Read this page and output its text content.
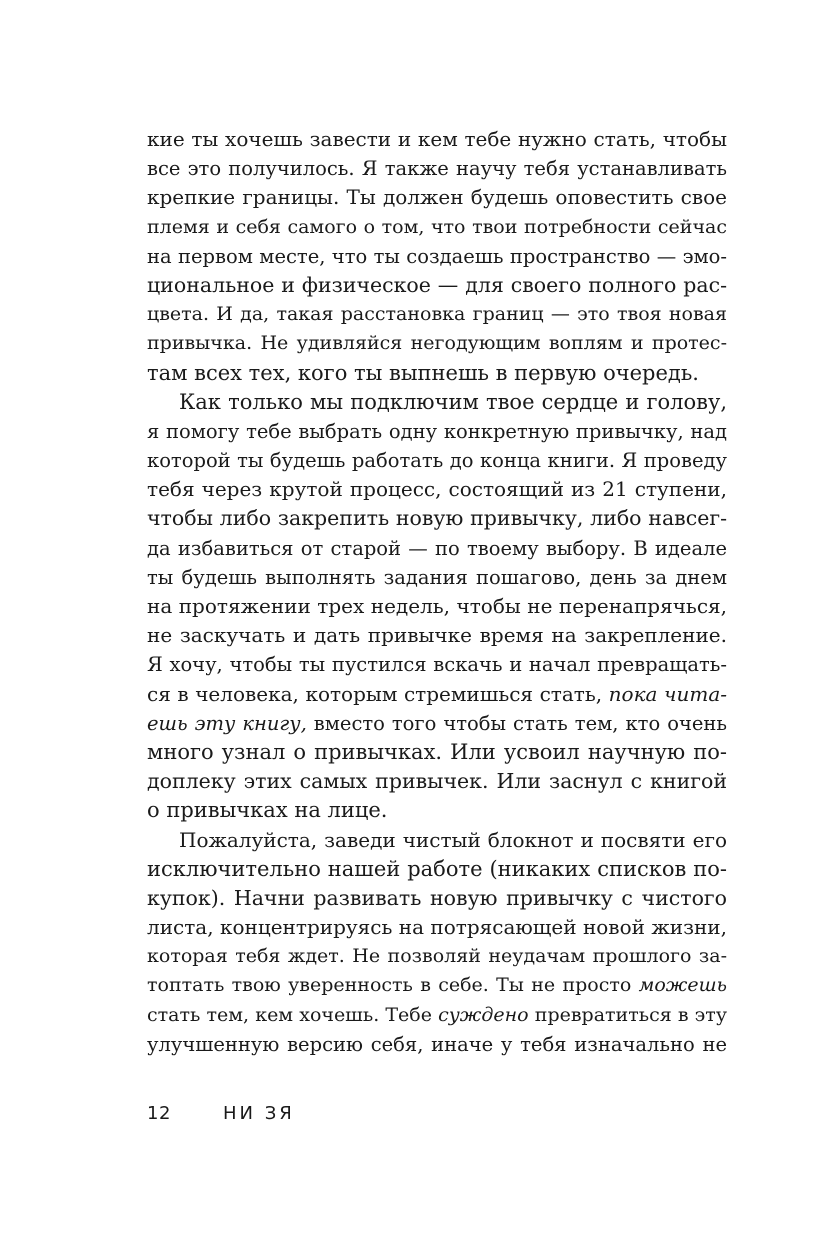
кие ты хочешь завести и кем тебе нужно стать, чтобы
все это получилось. Я также научу тебя устанавливать
крепкие границы. Ты должен будешь оповестить свое
племя и себя самого о том, что твои потребности сейчас
на первом месте, что ты создаешь пространство — эмо-
циональное и физическое — для своего полного рас-
цвета. И да, такая расстановка границ — это твоя новая
привычка. Не удивляйся негодующим воплям и протес-
там всех тех, кого ты выпнешь в первую очередь.
Как только мы подключим твое сердце и голову,
я помогу тебе выбрать одну конкретную привычку, над
которой ты будешь работать до конца книги. Я проведу
тебя через крутой процесс, состоящий из 21 ступени,
чтобы либо закрепить новую привычку, либо навсег-
да избавиться от старой — по твоему выбору. В идеале
ты будешь выполнять задания пошагово, день за днем
на протяжении трех недель, чтобы не перенапрячься,
не заскучать и дать привычке время на закрепление.
Я хочу, чтобы ты пустился вскачь и начал превращать-
ся в человека, которым стремишься стать, пока чита-
ешь эту книгу, вместо того чтобы стать тем, кто очень
много узнал о привычках. Или усвоил научную по-
доплеку этих самых привычек. Или заснул с книгой
о привычках на лице.
Пожалуйста, заведи чистый блокнот и посвяти его
исключительно нашей работе (никаких списков по-
купок). Начни развивать новую привычку с чистого
листа, концентрируясь на потрясающей новой жизни,
которая тебя ждет. Не позволяй неудачам прошлого за-
топтать твою уверенность в себе. Ты не просто можешь
стать тем, кем хочешь. Тебе суждено превратиться в эту
улучшенную версию себя, иначе у тебя изначально не
12	НИ ЗЯ
